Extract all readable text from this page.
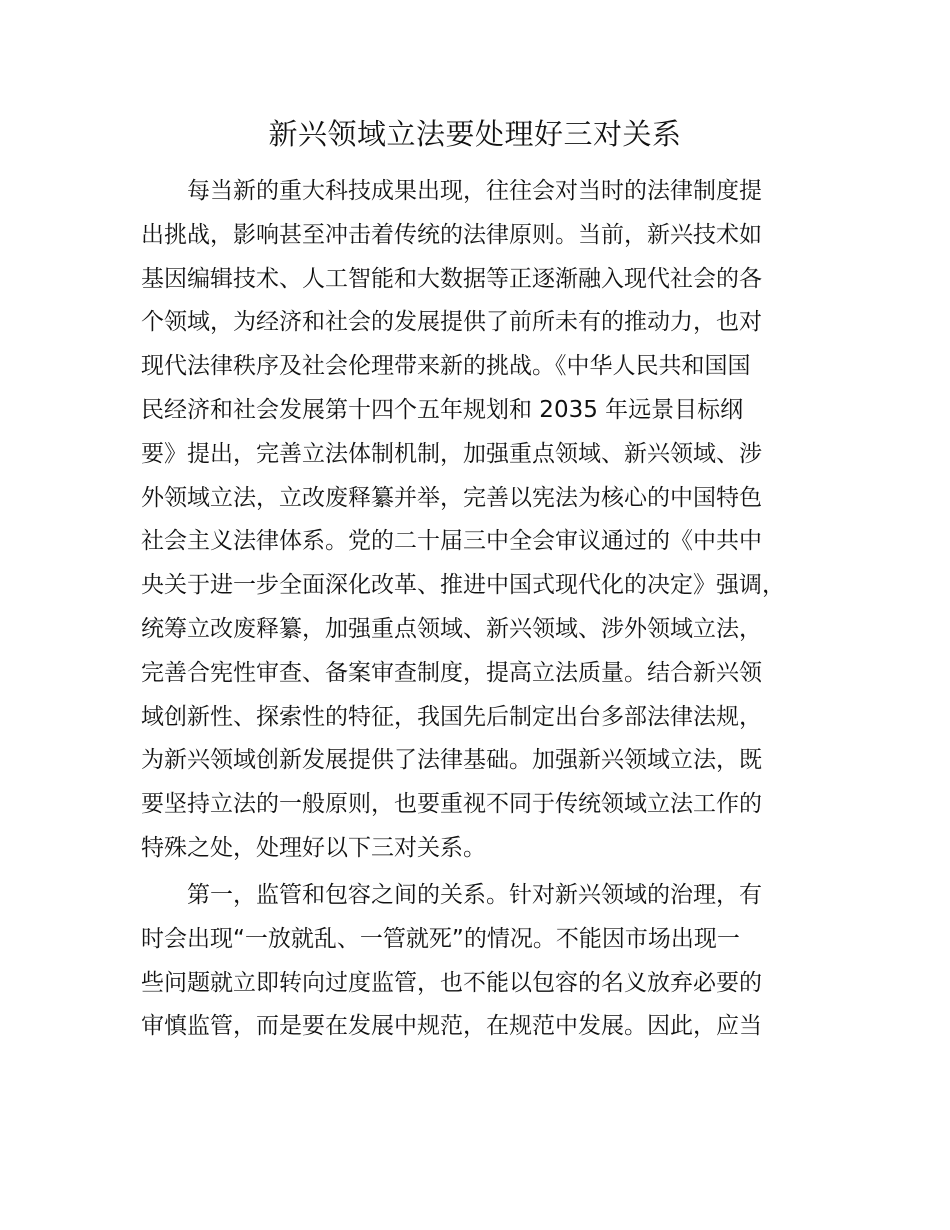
新兴领域立法要处理好三对关系
每当新的重大科技成果出现，往往会对当时的法律制度提
出挑战，影响甚至冲击着传统的法律原则。当前，新兴技术如
基因编辑技术、人工智能和大数据等正逐渐融入现代社会的各
个领域，为经济和社会的发展提供了前所未有的推动力，也对
现代法律秩序及社会伦理带来新的挑战。《中华人民共和国国
民经济和社会发展第十四个五年规划和 2035 年远景目标纲
要》提出，完善立法体制机制，加强重点领域、新兴领域、涉
外领域立法，立改废释纂并举，完善以宪法为核心的中国特色
社会主义法律体系。党的二十届三中全会审议通过的《中共中
央关于进一步全面深化改革、推进中国式现代化的决定》强调，
统筹立改废释纂，加强重点领域、新兴领域、涉外领域立法，
完善合宪性审查、备案审查制度，提高立法质量。结合新兴领
域创新性、探索性的特征，我国先后制定出台多部法律法规，
为新兴领域创新发展提供了法律基础。加强新兴领域立法，既
要坚持立法的一般原则，也要重视不同于传统领域立法工作的
特殊之处，处理好以下三对关系。
第一，监管和包容之间的关系。针对新兴领域的治理，有
时会出现“一放就乱、一管就死”的情况。不能因市场出现一
些问题就立即转向过度监管，也不能以包容的名义放弃必要的
审慎监管，而是要在发展中规范，在规范中发展。因此，应当
